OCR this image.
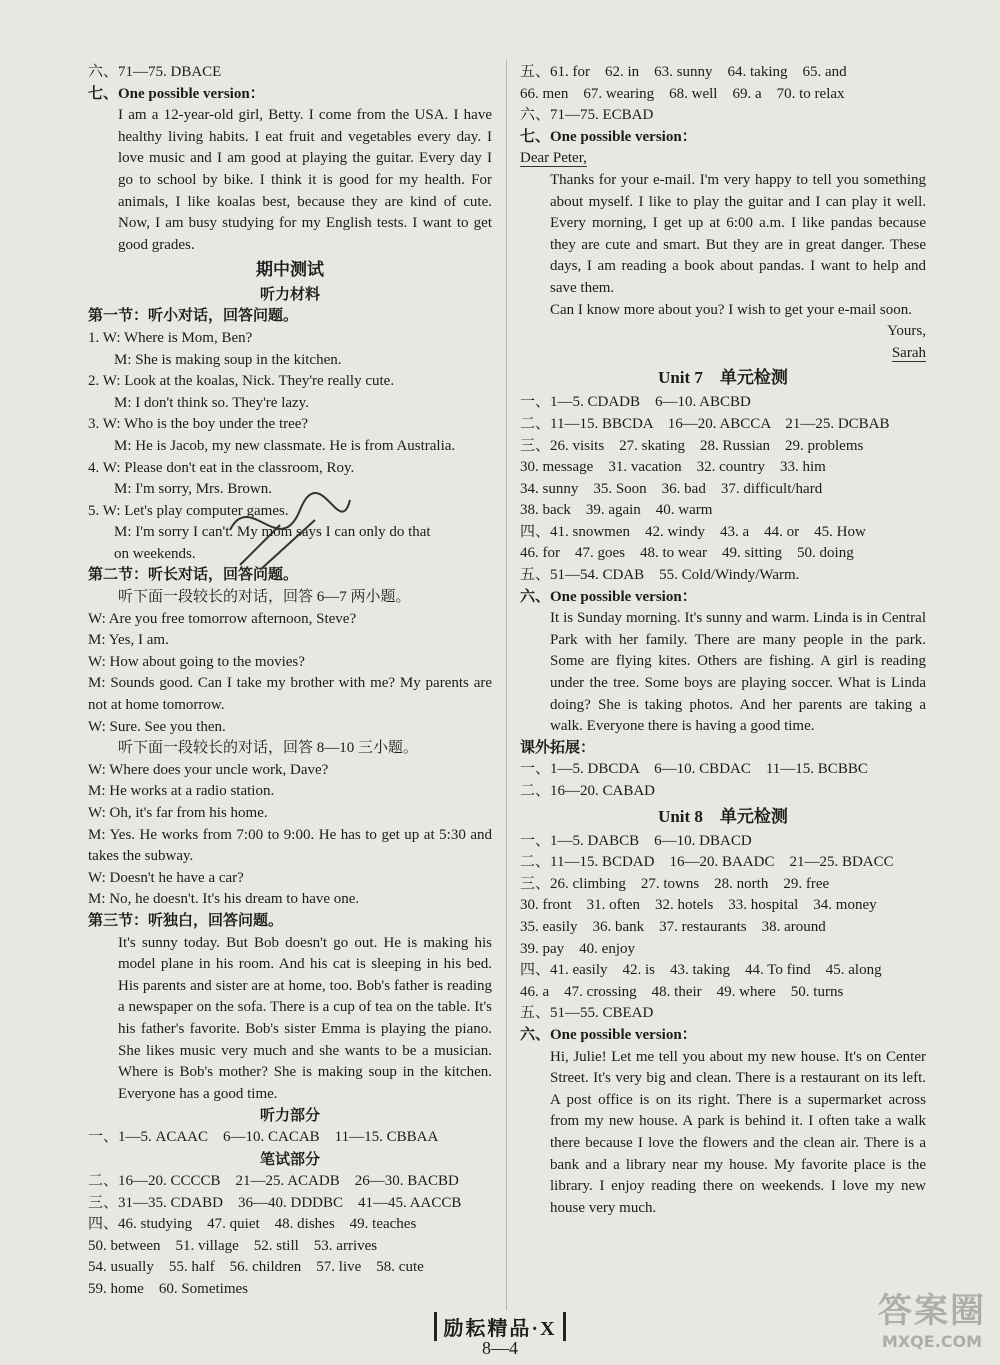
六、71—75. DBACE
七、One possible version：
I am a 12-year-old girl, Betty. I come from the USA. I have healthy living habits. I eat fruit and vegetables every day. I love music and I am good at playing the guitar. Every day I go to school by bike. I think it is good for my health. For animals, I like koalas best, because they are kind of cute. Now, I am busy studying for my English tests. I want to get good grades.
期中测试
听力材料
第一节：听小对话，回答问题。
1. W: Where is Mom, Ben?
M: She is making soup in the kitchen.
2. W: Look at the koalas, Nick. They're really cute.
M: I don't think so. They're lazy.
3. W: Who is the boy under the tree?
M: He is Jacob, my new classmate. He is from Australia.
4. W: Please don't eat in the classroom, Roy.
M: I'm sorry, Mrs. Brown.
5. W: Let's play computer games.
M: I'm sorry I can't. My mom says I can only do that
on weekends.
第二节：听长对话，回答问题。
听下面一段较长的对话，回答 6—7 两小题。
W: Are you free tomorrow afternoon, Steve?
M: Yes, I am.
W: How about going to the movies?
M: Sounds good. Can I take my brother with me? My parents are not at home tomorrow.
W: Sure. See you then.
听下面一段较长的对话，回答 8—10 三小题。
W: Where does your uncle work, Dave?
M: He works at a radio station.
W: Oh, it's far from his home.
M: Yes. He works from 7:00 to 9:00. He has to get up at 5:30 and takes the subway.
W: Doesn't he have a car?
M: No, he doesn't. It's his dream to have one.
第三节：听独白，回答问题。
It's sunny today. But Bob doesn't go out. He is making his model plane in his room. And his cat is sleeping in his bed. His parents and sister are at home, too. Bob's father is reading a newspaper on the sofa. There is a cup of tea on the table. It's his father's favorite. Bob's sister Emma is playing the piano. She likes music very much and she wants to be a musician. Where is Bob's mother? She is making soup in the kitchen. Everyone has a good time.
听力部分
一、1—5. ACAAC　6—10. CACAB　11—15. CBBAA
笔试部分
二、16—20. CCCCB　21—25. ACADB　26—30. BACBD
三、31—35. CDABD　36—40. DDDBC　41—45. AACCB
四、46. studying　47. quiet　48. dishes　49. teaches
50. between　51. village　52. still　53. arrives
54. usually　55. half　56. children　57. live　58. cute
59. home　60. Sometimes
五、61. for　62. in　63. sunny　64. taking　65. and
66. men　67. wearing　68. well　69. a　70. to relax
六、71—75. ECBAD
七、One possible version：
Dear Peter,
Thanks for your e-mail. I'm very happy to tell you something about myself. I like to play the guitar and I can play it well. Every morning, I get up at 6:00 a.m. I like pandas because they are cute and smart. But they are in great danger. These days, I am reading a book about pandas. I want to help and save them.
Can I know more about you? I wish to get your e-mail soon.
Yours,
Sarah
Unit 7　单元检测
一、1—5. CDADB　6—10. ABCBD
二、11—15. BBCDA　16—20. ABCCA　21—25. DCBAB
三、26. visits　27. skating　28. Russian　29. problems
30. message　31. vacation　32. country　33. him
34. sunny　35. Soon　36. bad　37. difficult/hard
38. back　39. again　40. warm
四、41. snowmen　42. windy　43. a　44. or　45. How
46. for　47. goes　48. to wear　49. sitting　50. doing
五、51—54. CDAB　55. Cold/Windy/Warm.
六、One possible version：
It is Sunday morning. It's sunny and warm. Linda is in Central Park with her family. There are many people in the park. Some are flying kites. Others are fishing. A girl is reading under the tree. Some boys are playing soccer. What is Linda doing? She is taking photos. And her parents are taking a walk. Everyone there is having a good time.
课外拓展：
一、1—5. DBCDA　6—10. CBDAC　11—15. BCBBC
二、16—20. CABAD
Unit 8　单元检测
一、1—5. DABCB　6—10. DBACD
二、11—15. BCDAD　16—20. BAADC　21—25. BDACC
三、26. climbing　27. towns　28. north　29. free
30. front　31. often　32. hotels　33. hospital　34. money
35. easily　36. bank　37. restaurants　38. around
39. pay　40. enjoy
四、41. easily　42. is　43. taking　44. To find　45. along
46. a　47. crossing　48. their　49. where　50. turns
五、51—55. CBEAD
六、One possible version：
Hi, Julie! Let me tell you about my new house. It's on Center Street. It's very big and clean. There is a restaurant on its left. A post office is on its right. There is a supermarket across from my new house. A park is behind it. I often take a walk there because I love the flowers and the clean air. There is a bank and a library near my house. My favorite place is the library. I enjoy reading there on weekends. I love my new house very much.
励耘精品·X
8—4
答案圈
MXQE.COM
